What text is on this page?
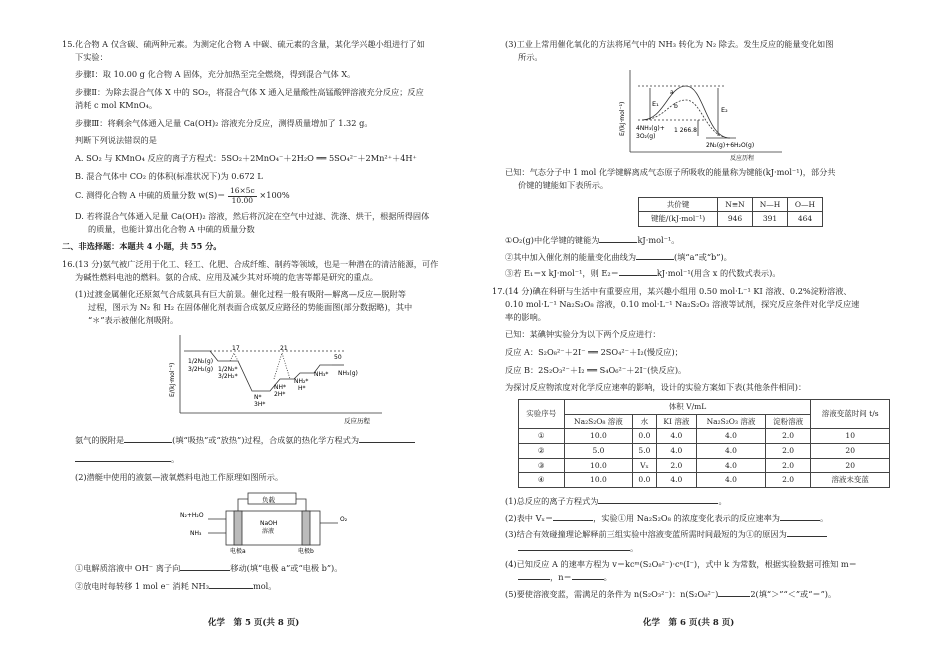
15.化合物 A 仅含碳、硫两种元素。为测定化合物 A 中碳、硫元素的含量，某化学兴趣小组进行了如

下实验：

步骤Ⅰ：取 10.00 g 化合物 A 固体，充分加热至完全燃烧，得到混合气体 X。

步骤Ⅱ：为除去混合气体 X 中的 SO₂，将混合气体 X 通入足量酸性高锰酸钾溶液充分反应；反应

消耗 c mol KMnO₄。

步骤Ⅲ：将剩余气体通入足量 Ca(OH)₂ 溶液充分反应，测得质量增加了 1.32 g。

判断下列说法错误的是

A. SO₂ 与 KMnO₄ 反应的离子方程式：5SO₂＋2MnO₄⁻＋2H₂O ══ 5SO₄²⁻＋2Mn²⁺＋4H⁺

B. 混合气体中 CO₂ 的体积(标准状况下)为 0.672 L

C. 测得化合物 A 中硫的质量分数 $w(S)= \frac{16\times 5c}{10.00} \times 100\%$

D. 若将混合气体通入足量 Ca(OH)₂ 溶液，然后将沉淀在空气中过滤、洗涤、烘干，根据所得固体

的质量，也能计算出化合物 A 中硫的质量分数

二、非选择题：本题共 4 小题，共 55 分。

16.(13 分)氨气被广泛用于化工、轻工、化肥、合成纤维、制药等领域，也是一种潜在的清洁能源，可作

为碱性燃料电池的燃料。氨的合成、应用及减少其对环境的危害等都是研究的重点。

(1)过渡金属催化还原氮气合成氨具有巨大前景。催化过程一般有吸附—解离—反应—脱附等

过程，图示为 N₂ 和 H₂ 在固体催化剂表面合成氨反应路径的势能面图(部分数据略)，其中

“＊”表示被催化剂吸附。

E/(kJ·mol⁻¹)
反应历程
1/2N₂(g)
3/2H₂(g) 1/2N₂*
3/2H₂*
N*
3H*
NH*
2H*
NH₂*
H*
NH₃* NH₃(g)
17	21
50

氨气的脱附是	(填“吸热”或“放热”)过程，合成氨的热化学方程式为

。

(2)潜艇中使用的液氨—液氧燃料电池工作原理如图所示。

负载
N₂+H₂O
NH₃
O₂
NaOH
溶液
电极a	电极b

①电解质溶液中 OH⁻ 离子向	移动(填“电极 a”或“电极 b”)。

②放电时每转移 1 mol e⁻ 消耗 NH₃	mol。

化学　第 5 页(共 8 页)

(3)工业上常用催化氧化的方法将尾气中的 NH₃ 转化为 N₂ 除去。发生反应的能量变化如图

所示。

E/(kJ·mol⁻¹)
反应历程
E₁
E₂
a
b
4NH₃(g)+
3O₂(g)
1 266.8
2N₂(g)+6H₂O(g)

已知：气态分子中 1 mol 化学键解离成气态原子所吸收的能量称为键能(kJ·mol⁻¹)，部分共

价键的键能如下表所示。

共价键	N≡N	N—H	O—H
键能/(kJ·mol⁻¹)	946	391	464

①O₂(g)中化学键的键能为	kJ·mol⁻¹。

②其中加入催化剂的能量变化曲线为	(填“a”或“b”)。

③若 E₁＝x kJ·mol⁻¹，则 E₂＝	kJ·mol⁻¹(用含 x 的代数式表示)。

17.(14 分)碘在科研与生活中有重要应用，某兴趣小组用 0.50 mol·L⁻¹ KI 溶液、0.2%淀粉溶液、

0.10 mol·L⁻¹ Na₂S₂O₈ 溶液，0.10 mol·L⁻¹ Na₂S₂O₃ 溶液等试剂，探究反应条件对化学反应速

率的影响。

已知：某碘钟实验分为以下两个反应进行：

反应 A：S₂O₈²⁻＋2I⁻ ══ 2SO₄²⁻＋I₂(慢反应)；

反应 B：2S₂O₃²⁻＋I₂ ══ S₄O₆²⁻＋2I⁻(快反应)。

为探讨反应物浓度对化学反应速率的影响，设计的实验方案如下表(其他条件相同)：

实验序号	体积 V/mL					溶液变蓝时间 t/s
	Na₂S₂O₈ 溶液	水	KI 溶液	Na₂S₂O₃ 溶液	淀粉溶液	
①	10.0	0.0	4.0	4.0	2.0	10
②	5.0	5.0	4.0	4.0	2.0	20
③	10.0	Vₓ	2.0	4.0	2.0	20
④	10.0	0.0	4.0	4.0	2.0	溶液未变蓝

(1)总反应的离子方程式为	。

(2)表中 Vₓ＝	，实验①用 Na₂S₂O₈ 的浓度变化表示的反应速率为	。

(3)结合有效碰撞理论解释前三组实验中溶液变蓝所需时间最短的为①的原因为

。

(4)已知反应 A 的速率方程为 v＝kcᵐ(S₂O₈²⁻)·cⁿ(I⁻)，式中 k 为常数，根据实验数据可推知 m＝

，n＝	。

(5)要使溶液变蓝，需满足的条件为 n(S₂O₃²⁻)：n(S₂O₈²⁻)	2(填“＞”“＜”或“＝”)。

化学　第 6 页(共 8 页)
